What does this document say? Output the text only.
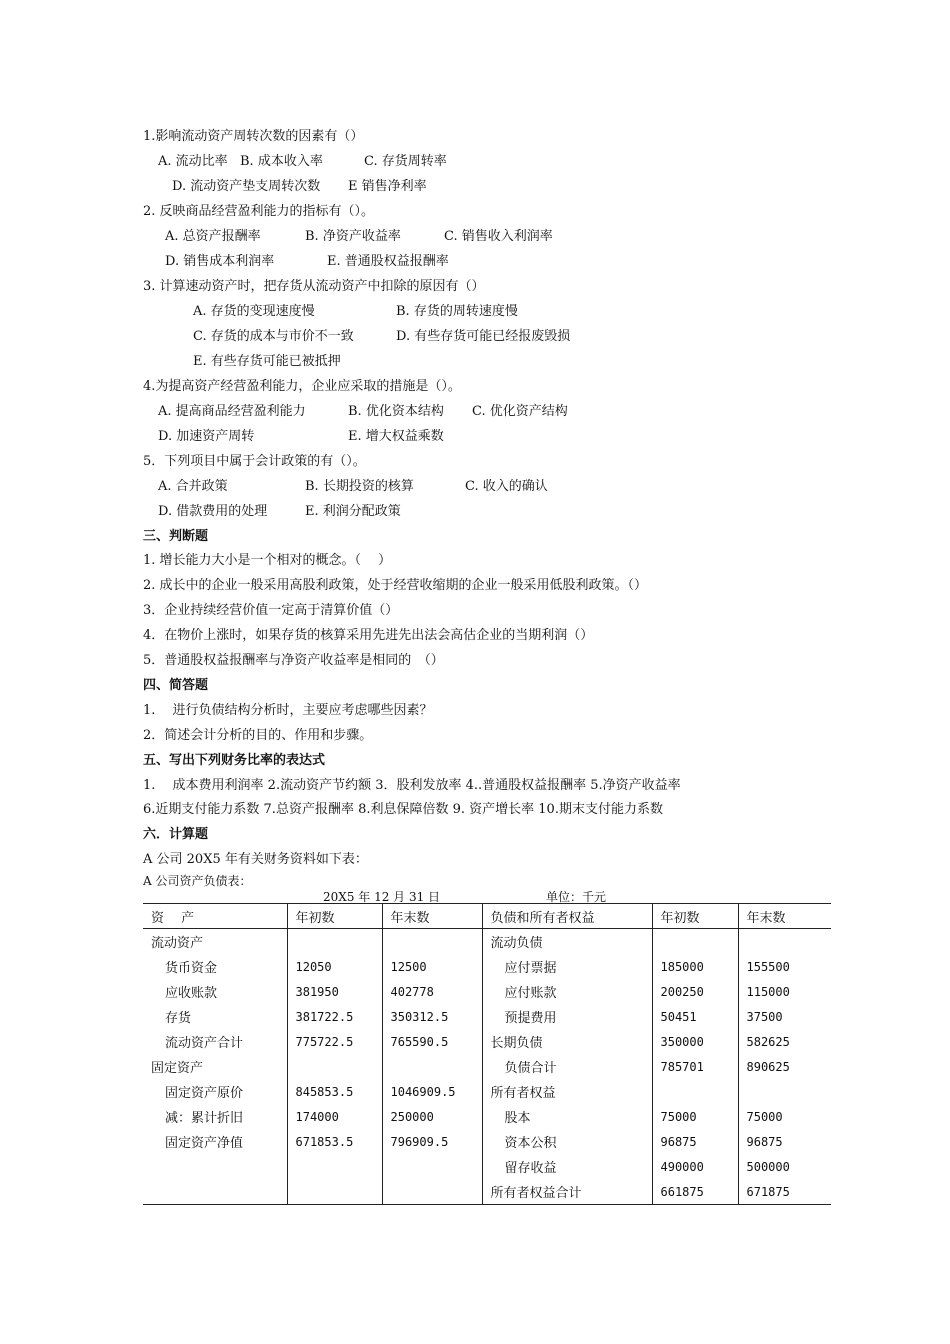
1.影响流动资产周转次数的因素有（）
A. 流动比率 B. 成本收入率	C. 存货周转率
D. 流动资产垫支周转次数 E 销售净利率
2. 反映商品经营盈利能力的指标有（）。
A. 总资产报酬率	B. 净资产收益率	C. 销售收入利润率
D. 销售成本利润率	E. 普通股权益报酬率
3. 计算速动资产时，把存货从流动资产中扣除的原因有（）
A. 存货的变现速度慢	B. 存货的周转速度慢
C. 存货的成本与市价不一致	D. 有些存货可能已经报废毁损
E. 有些存货可能已被抵押
4.为提高资产经营盈利能力，企业应采取的措施是（）。
A. 提高商品经营盈利能力	B. 优化资本结构 C. 优化资产结构
D. 加速资产周转	E. 增大权益乘数
5．下列项目中属于会计政策的有（）。
A. 合并政策	B. 长期投资的核算	C. 收入的确认
D. 借款费用的处理	E. 利润分配政策
三、判断题
1. 增长能力大小是一个相对的概念。（　 ）
2. 成长中的企业一般采用高股利政策，处于经营收缩期的企业一般采用低股利政策。（）
3．企业持续经营价值一定高于清算价值（）
4．在物价上涨时，如果存货的核算采用先进先出法会高估企业的当期利润（）
5．普通股权益报酬率与净资产收益率是相同的　（）
四、简答题
1.　 进行负债结构分析时，主要应考虑哪些因素？
2．简述会计分析的目的、作用和步骤。
五、写出下列财务比率的表达式
1.　 成本费用利润率 2.流动资产节约额 3．股利发放率 4..普通股权益报酬率 5.净资产收益率
6.近期支付能力系数 7.总资产报酬率 8.利息保障倍数 9. 资产增长率 10.期末支付能力系数
六．计算题
A 公司 20X5 年有关财务资料如下表：
A 公司资产负债表：
20X5 年 12 月 31 日	单位：千元
资　 产	年初数	年末数	负债和所有者权益	年初数	年末数
流动资产			流动负债		
货币资金	12050	12500	应付票据	185000	155500
应收账款	381950	402778	应付账款	200250	115000
存货	381722.5	350312.5	预提费用	50451	37500
流动资产合计	775722.5	765590.5	长期负债	350000	582625
固定资产			负债合计	785701	890625
固定资产原价	845853.5	1046909.5	所有者权益		
减：累计折旧	174000	250000	股本	75000	75000
固定资产净值	671853.5	796909.5	资本公积	96875	96875
			留存收益	490000	500000
			所有者权益合计	661875	671875
